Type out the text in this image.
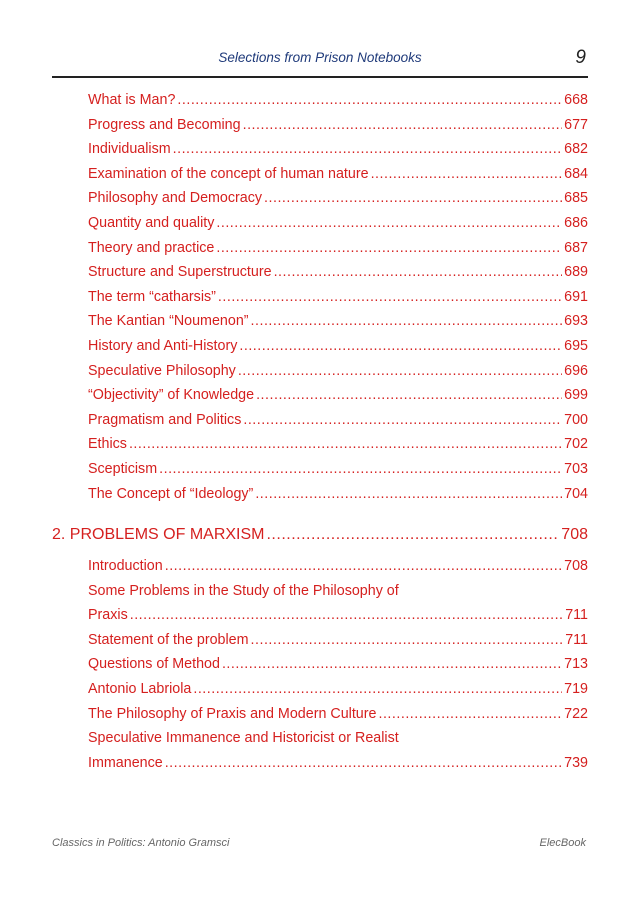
Selections from Prison Notebooks	9
What is Man? .....	668
Progress and Becoming .....	677
Individualism .....	682
Examination of the concept of human nature .....	684
Philosophy and Democracy .....	685
Quantity and quality .....	686
Theory and practice .....	687
Structure and Superstructure .....	689
The term “catharsis” .....	691
The Kantian “Noumenon” .....	693
History and Anti-History .....	695
Speculative Philosophy .....	696
“Objectivity” of Knowledge .....	699
Pragmatism and Politics .....	700
Ethics .....	702
Scepticism .....	703
The Concept of “Ideology” .....	704
2. PROBLEMS OF MARXISM .....	708
Introduction .....	708
Some Problems in the Study of the Philosophy of
Praxis .....	711
Statement of the problem .....	711
Questions of Method .....	713
Antonio Labriola .....	719
The Philosophy of Praxis and Modern Culture .....	722
Speculative Immanence and Historicist or Realist
Immanence .....	739
Classics in Politics: Antonio Gramsci	ElecBook
